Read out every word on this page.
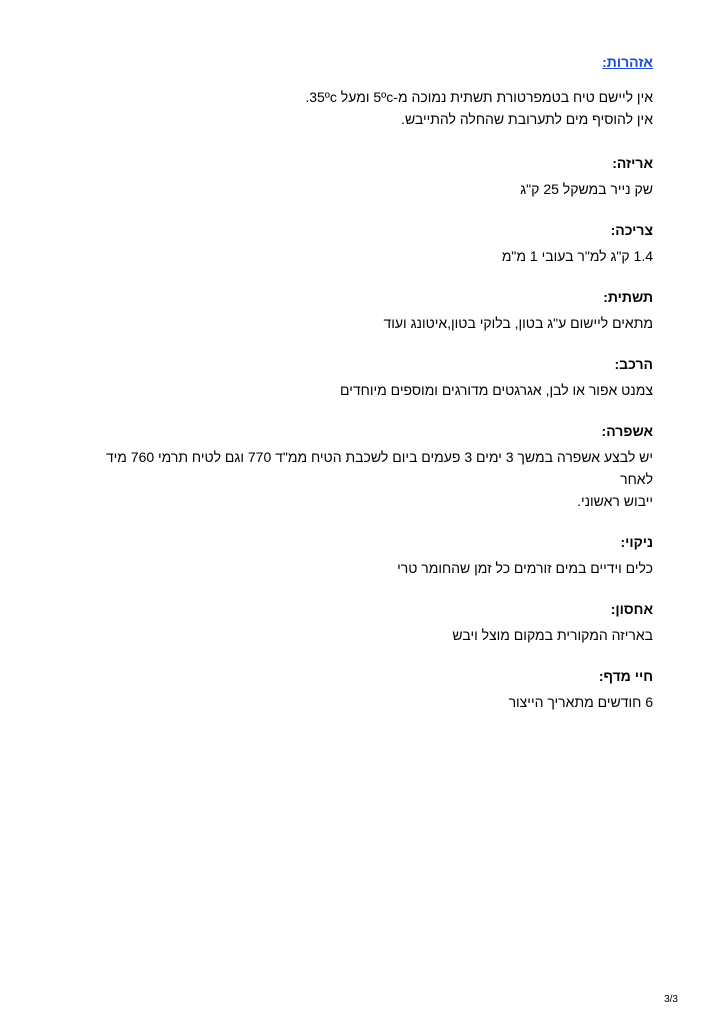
אזהרות:

אין ליישם טיח בטמפרטורת תשתית נמוכה מ-5ºc ומעל 35ºc.

אין להוסיף מים לתערובת שהחלה להתייבש.

אריזה:

שק נייר במשקל 25 ק"ג

צריכה:

1.4 ק"ג למ"ר בעובי 1 מ"מ

תשתית:

מתאים ליישום ע"ג בטון, בלוקי בטון,איטונג ועוד

הרכב:

צמנט אפור או לבן, אגרגטים מדורגים ומוספים מיוחדים

אשפרה:

יש לבצע אשפרה במשך 3 ימים 3 פעמים ביום לשכבת הטיח ממ"ד 770 וגם לטיח תרמי 760 מיד לאחר

ייבוש ראשוני.

ניקוי:

כלים וידיים במים זורמים כל זמן שהחומר טרי

אחסון:

באריזה המקורית במקום מוצל ויבש

חיי מדף:

6 חודשים מתאריך הייצור

3/3
